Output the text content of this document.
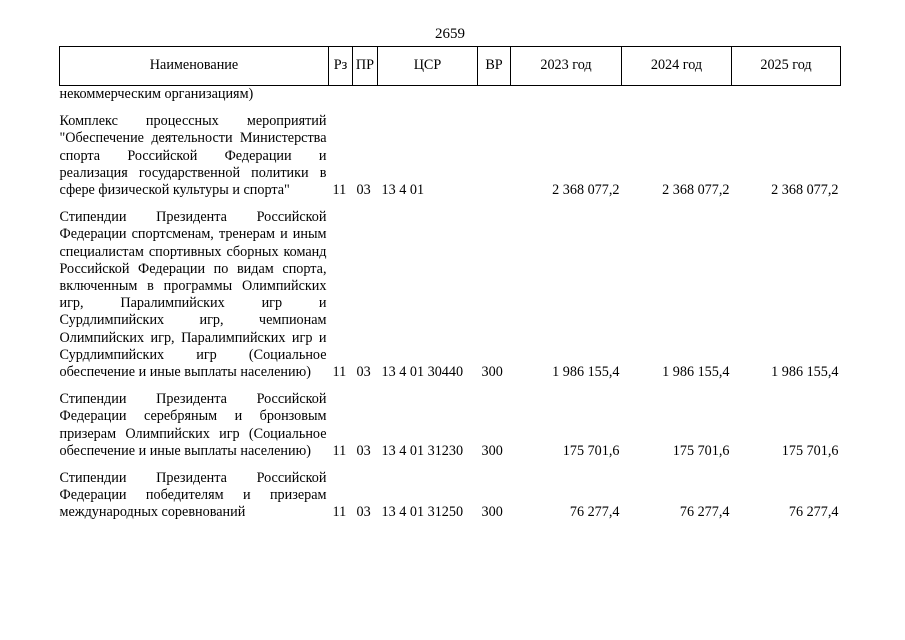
2659
Наименование	Рз	ПР	ЦСР	ВР	2023 год	2024 год	2025 год
некоммерческим организациям)							

Комплекс процессных мероприятий "Обеспечение деятельности Министерства спорта Российской Федерации и реализация государственной политики в сфере физической культуры и спорта"	11	03	13 4 01		2 368 077,2	2 368 077,2	2 368 077,2

Стипендии Президента Российской Федерации спортсменам, тренерам и иным специалистам спортивных сборных команд Российской Федерации по видам спорта, включенным в программы Олимпийских игр, Паралимпийских игр и Сурдлимпийских игр, чемпионам Олимпийских игр, Паралимпийских игр и Сурдлимпийских игр (Социальное обеспечение и иные выплаты населению)	11	03	13 4 01 30440	300	1 986 155,4	1 986 155,4	1 986 155,4

Стипендии Президента Российской Федерации серебряным и бронзовым призерам Олимпийских игр (Социальное обеспечение и иные выплаты населению)	11	03	13 4 01 31230	300	175 701,6	175 701,6	175 701,6

Стипендии Президента Российской Федерации победителям и призерам международных соревнований	11	03	13 4 01 31250	300	76 277,4	76 277,4	76 277,4
